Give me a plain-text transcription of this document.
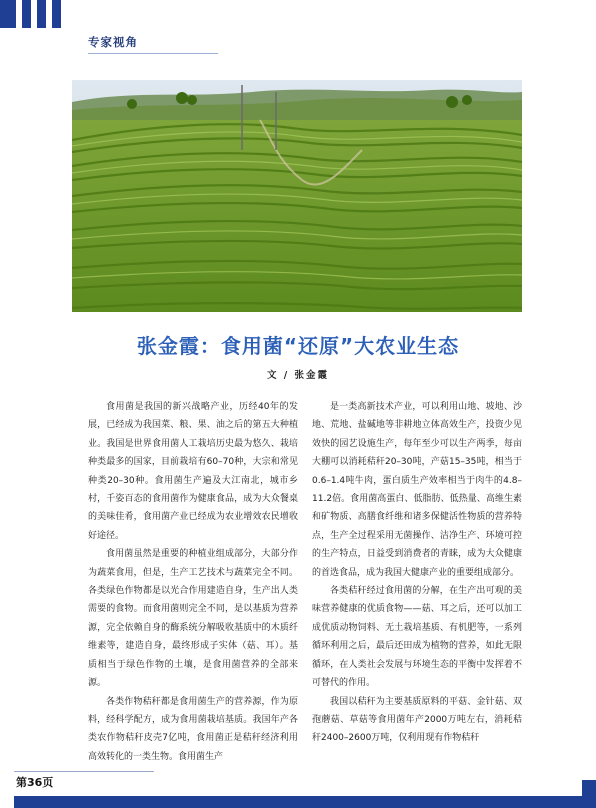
专家视角
张金霞：食用菌“还原”大农业生态
文 / 张金霞

食用菌是我国的新兴战略产业，历经40年的发展，已经成为我国菜、粮、果、油之后的第五大种植业。我国是世界食用菌人工栽培历史最为悠久、栽培种类最多的国家，目前栽培有60–70种，大宗和常见种类20–30种。食用菌生产遍及大江南北，城市乡村，千姿百态的食用菌作为健康食品，成为大众餐桌的美味佳肴，食用菌产业已经成为农业增效农民增收好途径。

食用菌虽然是重要的种植业组成部分，大部分作为蔬菜食用，但是，生产工艺技术与蔬菜完全不同。各类绿色作物都是以光合作用建造自身，生产出人类需要的食物。而食用菌则完全不同，是以基质为营养源，完全依赖自身的酶系统分解吸收基质中的木质纤维素等，建造自身，最终形成子实体（菇、耳）。基质相当于绿色作物的土壤，是食用菌营养的全部来源。

各类作物秸秆都是食用菌生产的营养源，作为原料，经科学配方，成为食用菌栽培基质。我国年产各类农作物秸秆皮壳7亿吨，食用菌正是秸秆经济利用高效转化的一类生物。食用菌生产

是一类高新技术产业，可以利用山地、坡地、沙地、荒地、盐碱地等非耕地立体高效生产，投资少见效快的园艺设施生产，每年至少可以生产两季，每亩大棚可以消耗秸秆20–30吨，产菇15–35吨，相当于0.6–1.4吨牛肉，蛋白质生产效率相当于肉牛的4.8–11.2倍。食用菌高蛋白、低脂肪、低热量、高维生素和矿物质、高膳食纤维和诸多保健活性物质的营养特点，生产全过程采用无菌操作、洁净生产、环境可控的生产特点，日益受到消费者的青睐，成为大众健康的首选食品，成为我国大健康产业的重要组成部分。

各类秸秆经过食用菌的分解，在生产出可观的美味营养健康的优质食物——菇、耳之后，还可以加工成优质动物饲料、无土栽培基质、有机肥等，一系列循环利用之后，最后还田成为植物的营养，如此无限循环，在人类社会发展与环境生态的平衡中发挥着不可替代的作用。

我国以秸秆为主要基质原料的平菇、金针菇、双孢蘑菇、草菇等食用菌年产2000万吨左右，消耗秸秆2400–2600万吨，仅利用现有作物秸秆

第36页
